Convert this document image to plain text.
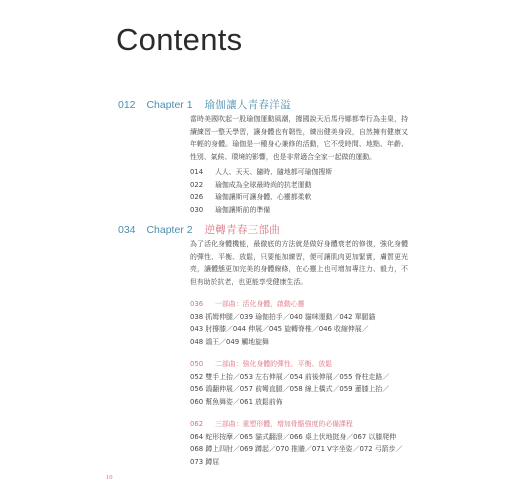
Contents
012 Chapter 1 瑜伽讓人青春洋溢

當時美國吹起一股瑜伽運動風潮，據國說天后馬丹娜都奉行為圭臬，持續練習一整天學習，讓身體也有韌性，練出健美身段，自然擁有健康又年輕的身體。瑜伽是一種身心兼修的活動，它不受時間、地點、年齡、性別、氣候、環境的影響，也是非常適合全家一起做的運動。

014 人人、天天、隨時、隨地都可瑜伽搜斯
022 瑜伽成為全球最時尚的抗老運動
026 瑜伽讓斯可讓身體、心靈都柔軟
030 瑜伽讓斯前的準備
034 Chapter 2 逆轉青春三部曲

為了活化身體機能，最徹底的方法就是做好身體衰老的修復，強化身體的彈性、平衡、放鬆，只要能加練習，便可讓肌肉更加緊實，膚質更光亮，讓體態更加完美的身體線條，在心靈上也可增加專注力、毅力，不但有助於抗老，也更能享受健康生活。

036 一部曲：活化身體，啟動心靈
038 抓姆伸腿／039 瑜伽拍手／040 貓咪運動／042 單腿貓
043 肘撐膝／044 伸展／045 旋轉脊椎／046 收縮伸展／
048 鴿王／049 觸地旋舞
050 二部曲：強化身體的彈性、平衡、放鬆
052 雙手上抬／053 左右伸展／054 前後伸展／055 脊柱走路／
056 鴿翻伸展／057 前彎直腿／058 線上橋式／059 蓮膝上抬／
060 幫魚舞姿／061 放鬆前佈
062 三部曲：重塑形體，增加骨骼強度的必備課程
064 蛇形按摩／065 貓式翻滾／066 桌上伏地挺身／067 以膝爬伸
068 蹲上四肘／069 蹲起／070 推牆／071 V字坐姿／072 弓箭步／
073 蹲屈
10
